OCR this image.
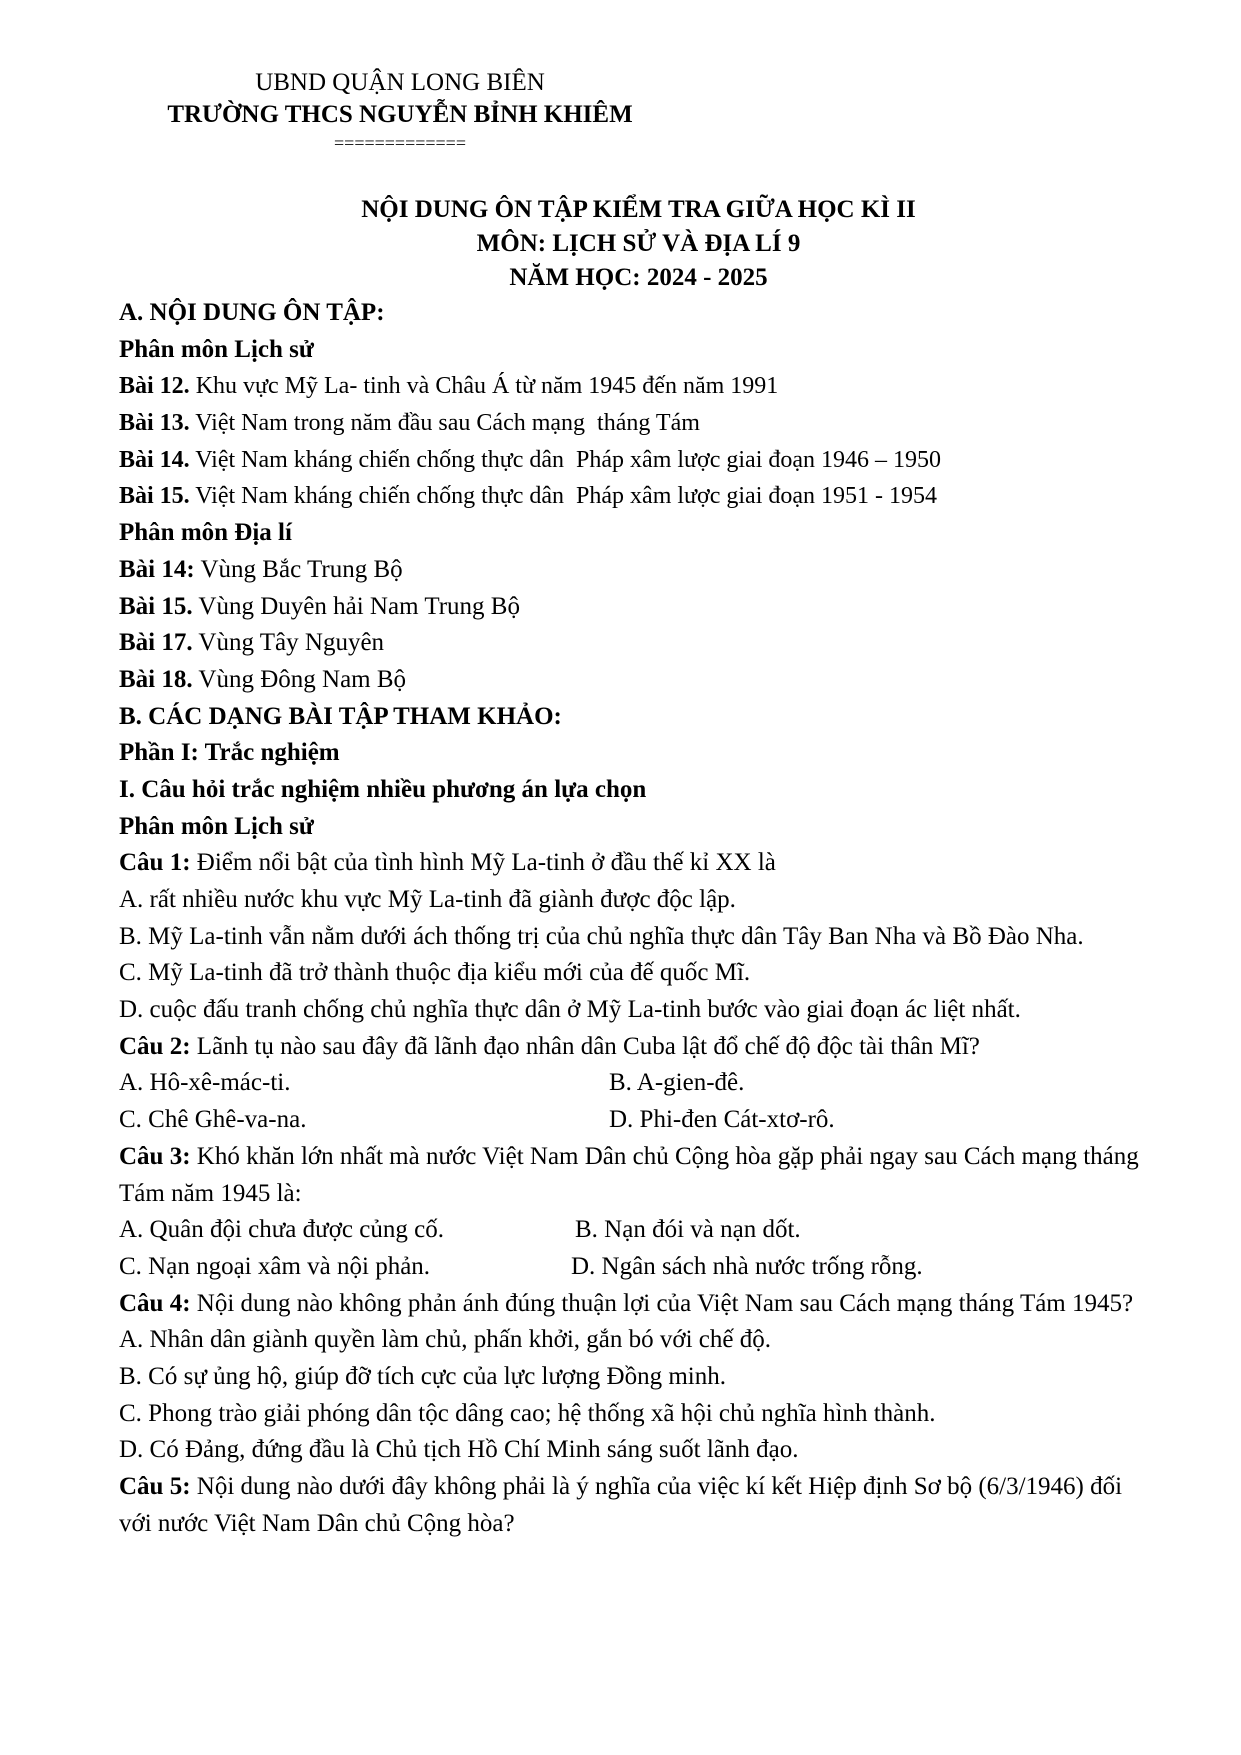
UBND QUẬN LONG BIÊN
TRƯỜNG THCS NGUYỄN BỈNH KHIÊM
=============
NỘI DUNG ÔN TẬP KIỂM TRA GIỮA HỌC KÌ II
MÔN: LỊCH SỬ VÀ ĐỊA LÍ 9
NĂM HỌC: 2024 - 2025
A. NỘI DUNG ÔN TẬP:
Phân môn Lịch sử
Bài 12. Khu vực Mỹ La- tinh và Châu Á từ năm 1945 đến năm 1991
Bài 13. Việt Nam trong năm đầu sau Cách mạng  tháng Tám
Bài 14. Việt Nam kháng chiến chống thực dân  Pháp xâm lược giai đoạn 1946 – 1950
Bài 15. Việt Nam kháng chiến chống thực dân  Pháp xâm lược giai đoạn 1951 - 1954
Phân môn Địa lí
Bài 14: Vùng Bắc Trung Bộ
Bài 15. Vùng Duyên hải Nam Trung Bộ
Bài 17. Vùng Tây Nguyên
Bài 18. Vùng Đông Nam Bộ
B. CÁC DẠNG BÀI TẬP THAM KHẢO:
Phần I: Trắc nghiệm
I. Câu hỏi trắc nghiệm nhiều phương án lựa chọn
Phân môn Lịch sử
Câu 1: Điểm nổi bật của tình hình Mỹ La-tinh ở đầu thế kỉ XX là
A. rất nhiều nước khu vực Mỹ La-tinh đã giành được độc lập.
B. Mỹ La-tinh vẫn nằm dưới ách thống trị của chủ nghĩa thực dân Tây Ban Nha và Bồ Đào Nha.
C. Mỹ La-tinh đã trở thành thuộc địa kiểu mới của đế quốc Mĩ.
D. cuộc đấu tranh chống chủ nghĩa thực dân ở Mỹ La-tinh bước vào giai đoạn ác liệt nhất.
Câu 2: Lãnh tụ nào sau đây đã lãnh đạo nhân dân Cuba lật đổ chế độ độc tài thân Mĩ?
A. Hô-xê-mác-ti.	B. A-gien-đê.
C. Chê Ghê-va-na.	D. Phi-đen Cát-xtơ-rô.
Câu 3: Khó khăn lớn nhất mà nước Việt Nam Dân chủ Cộng hòa gặp phải ngay sau Cách mạng tháng Tám năm 1945 là:
A. Quân đội chưa được củng cố.	B. Nạn đói và nạn dốt.
C. Nạn ngoại xâm và nội phản.	D. Ngân sách nhà nước trống rỗng.
Câu 4: Nội dung nào không phản ánh đúng thuận lợi của Việt Nam sau Cách mạng tháng Tám 1945?
A. Nhân dân giành quyền làm chủ, phấn khởi, gắn bó với chế độ.
B. Có sự ủng hộ, giúp đỡ tích cực của lực lượng Đồng minh.
C. Phong trào giải phóng dân tộc dâng cao; hệ thống xã hội chủ nghĩa hình thành.
D. Có Đảng, đứng đầu là Chủ tịch Hồ Chí Minh sáng suốt lãnh đạo.
Câu 5: Nội dung nào dưới đây không phải là ý nghĩa của việc kí kết Hiệp định Sơ bộ (6/3/1946) đối với nước Việt Nam Dân chủ Cộng hòa?
